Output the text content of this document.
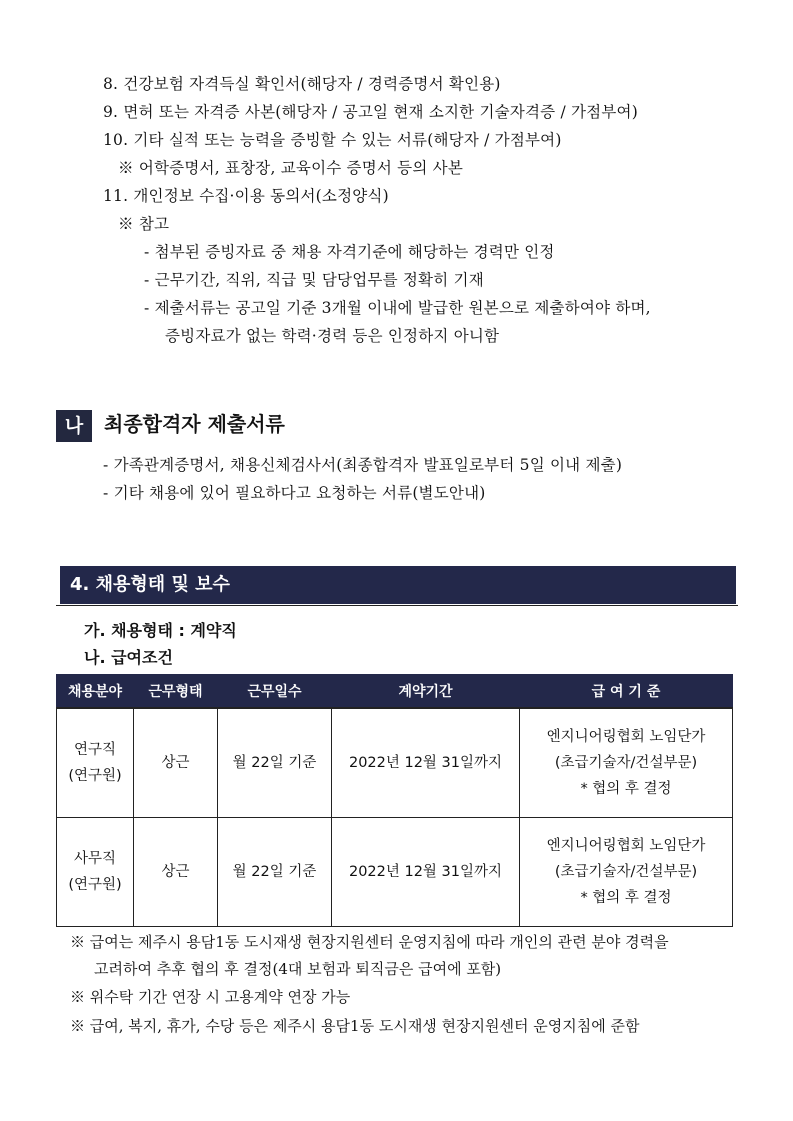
8. 건강보험 자격득실 확인서(해당자 / 경력증명서 확인용)
9. 면허 또는 자격증 사본(해당자 / 공고일 현재 소지한 기술자격증 / 가점부여)
10. 기타 실적 또는 능력을 증빙할 수 있는 서류(해당자 / 가점부여)
※ 어학증명서, 표창장, 교육이수 증명서 등의 사본
11. 개인정보 수집·이용 동의서(소정양식)
※ 참고
- 첨부된 증빙자료 중 채용 자격기준에 해당하는 경력만 인정
- 근무기간, 직위, 직급 및 담당업무를 정확히 기재
- 제출서류는 공고일 기준 3개월 이내에 발급한 원본으로 제출하여야 하며,
증빙자료가 없는 학력·경력 등은 인정하지 아니함
나	최종합격자 제출서류
- 가족관계증명서, 채용신체검사서(최종합격자 발표일로부터 5일 이내 제출)
- 기타 채용에 있어 필요하다고 요청하는 서류(별도안내)
4. 채용형태 및 보수
가. 채용형태 : 계약직
나. 급여조건
채용분야	근무형태	근무일수	계약기간	급 여 기 준
연구직
(연구원)	상근	월 22일 기준	2022년 12월 31일까지	엔지니어링협회 노임단가
(초급기술자/건설부문)
* 협의 후 결정
사무직
(연구원)	상근	월 22일 기준	2022년 12월 31일까지	엔지니어링협회 노임단가
(초급기술자/건설부문)
* 협의 후 결정
※ 급여는 제주시 용담1동 도시재생 현장지원센터 운영지침에 따라 개인의 관련 분야 경력을
고려하여 추후 협의 후 결정(4대 보험과 퇴직금은 급여에 포함)
※ 위수탁 기간 연장 시 고용계약 연장 가능
※ 급여, 복지, 휴가, 수당 등은 제주시 용담1동 도시재생 현장지원센터 운영지침에 준함
